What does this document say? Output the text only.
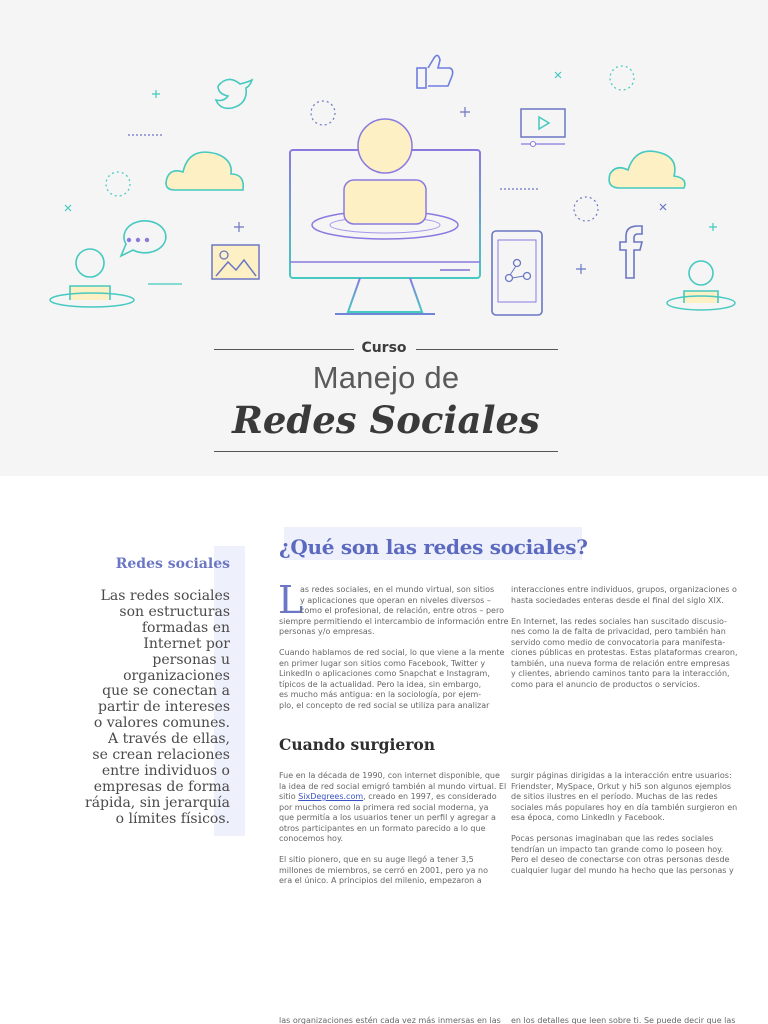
Curso
Manejo de
Redes Sociales
Redes sociales
Las redes sociales
son estructuras
formadas en
Internet por
personas u
organizaciones
que se conectan a
partir de intereses
o valores comunes.
A través de ellas,
se crean relaciones
entre individuos o
empresas de forma
rápida, sin jerarquía
o límites físicos.
¿Qué son las redes sociales?
L

as redes sociales, en el mundo virtual, son sitios
y aplicaciones que operan en niveles diversos –
como el profesional, de relación, entre otros – pero
siempre permitiendo el intercambio de información entre
personas y/o empresas.

Cuando hablamos de red social, lo que viene a la mente
en primer lugar son sitios como Facebook, Twitter y
LinkedIn o aplicaciones como Snapchat e Instagram,
típicos de la actualidad. Pero la idea, sin embargo,
es mucho más antigua: en la sociología, por ejem-
plo, el concepto de red social se utiliza para analizar

interacciones entre individuos, grupos, organizaciones o
hasta sociedades enteras desde el final del siglo XIX.

En Internet, las redes sociales han suscitado discusio-
nes como la de falta de privacidad, pero también han
servido como medio de convocatoria para manifesta-
ciones públicas en protestas. Estas plataformas crearon,
también, una nueva forma de relación entre empresas
y clientes, abriendo caminos tanto para la interacción,
como para el anuncio de productos o servicios.

Cuando surgieron

Fue en la década de 1990, con internet disponible, que
la idea de red social emigró también al mundo virtual. El
sitio SixDegrees.com, creado en 1997, es considerado
por muchos como la primera red social moderna, ya
que permitía a los usuarios tener un perfil y agregar a
otros participantes en un formato parecido a lo que
conocemos hoy.

El sitio pionero, que en su auge llegó a tener 3,5
millones de miembros, se cerró en 2001, pero ya no
era el único. A principios del milenio, empezaron a

surgir páginas dirigidas a la interacción entre usuarios:
Friendster, MySpace, Orkut y hi5 son algunos ejemplos
de sitios ilustres en el período. Muchas de las redes
sociales más populares hoy en día también surgieron en
esa época, como LinkedIn y Facebook.

Pocas personas imaginaban que las redes sociales
tendrían un impacto tan grande como lo poseen hoy.
Pero el deseo de conectarse con otras personas desde
cualquier lugar del mundo ha hecho que las personas y

las organizaciones estén cada vez más inmersas en las en los detalles que leen sobre ti. Se puede decir que las
